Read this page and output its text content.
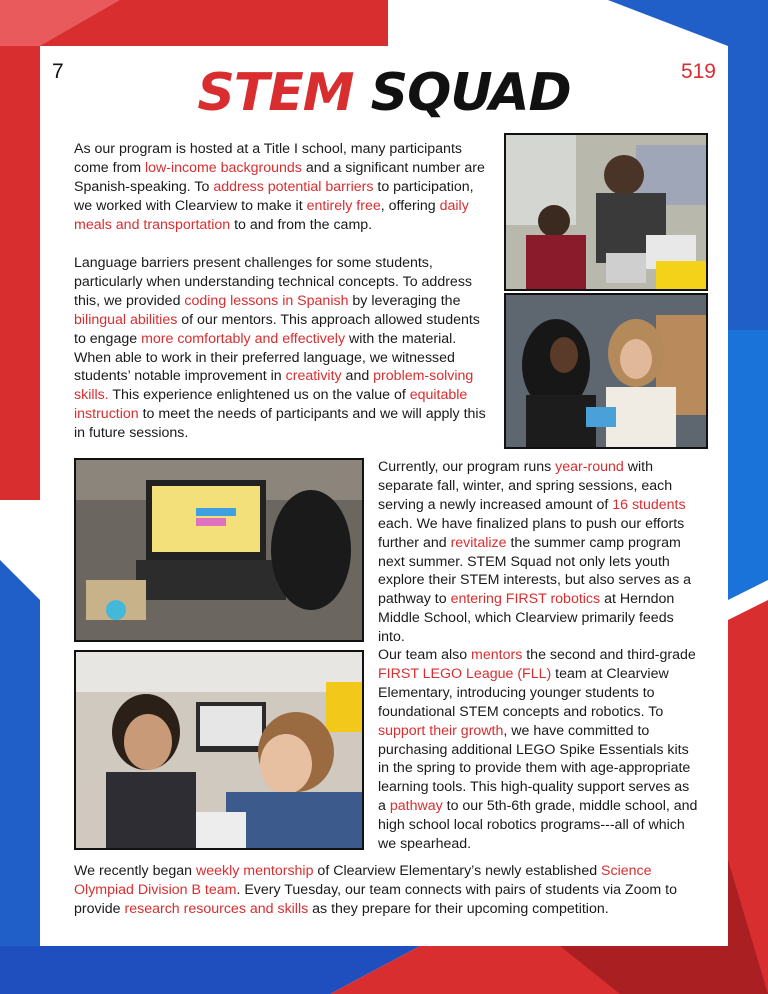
7	519
STEM SQUAD

As our program is hosted at a Title I school, many participants come from low-income backgrounds and a significant number are Spanish-speaking. To address potential barriers to participation, we worked with Clearview to make it entirely free, offering daily meals and transportation to and from the camp.

Language barriers present challenges for some students, particularly when understanding technical concepts. To address this, we provided coding lessons in Spanish by leveraging the bilingual abilities of our mentors. This approach allowed students to engage more comfortably and effectively with the material. When able to work in their preferred language, we witnessed students’ notable improvement in creativity and problem-solving skills. This experience enlightened us on the value of equitable instruction to meet the needs of participants and we will apply this in future sessions.

Currently, our program runs year-round with separate fall, winter, and spring sessions, each serving a newly increased amount of 16 students each. We have finalized plans to push our efforts further and revitalize the summer camp program next summer. STEM Squad not only lets youth explore their STEM interests, but also serves as a pathway to entering FIRST robotics at Herndon Middle School, which Clearview primarily feeds into.

Our team also mentors the second and third-grade FIRST LEGO League (FLL) team at Clearview Elementary, introducing younger students to foundational STEM concepts and robotics. To support their growth, we have committed to purchasing additional LEGO Spike Essentials kits in the spring to provide them with age-appropriate learning tools. This high-quality support serves as a pathway to our 5th-6th grade, middle school, and high school local robotics programs---all of which we spearhead.

We recently began weekly mentorship of Clearview Elementary’s newly established Science Olympiad Division B team. Every Tuesday, our team connects with pairs of students via Zoom to provide research resources and skills as they prepare for their upcoming competition.
